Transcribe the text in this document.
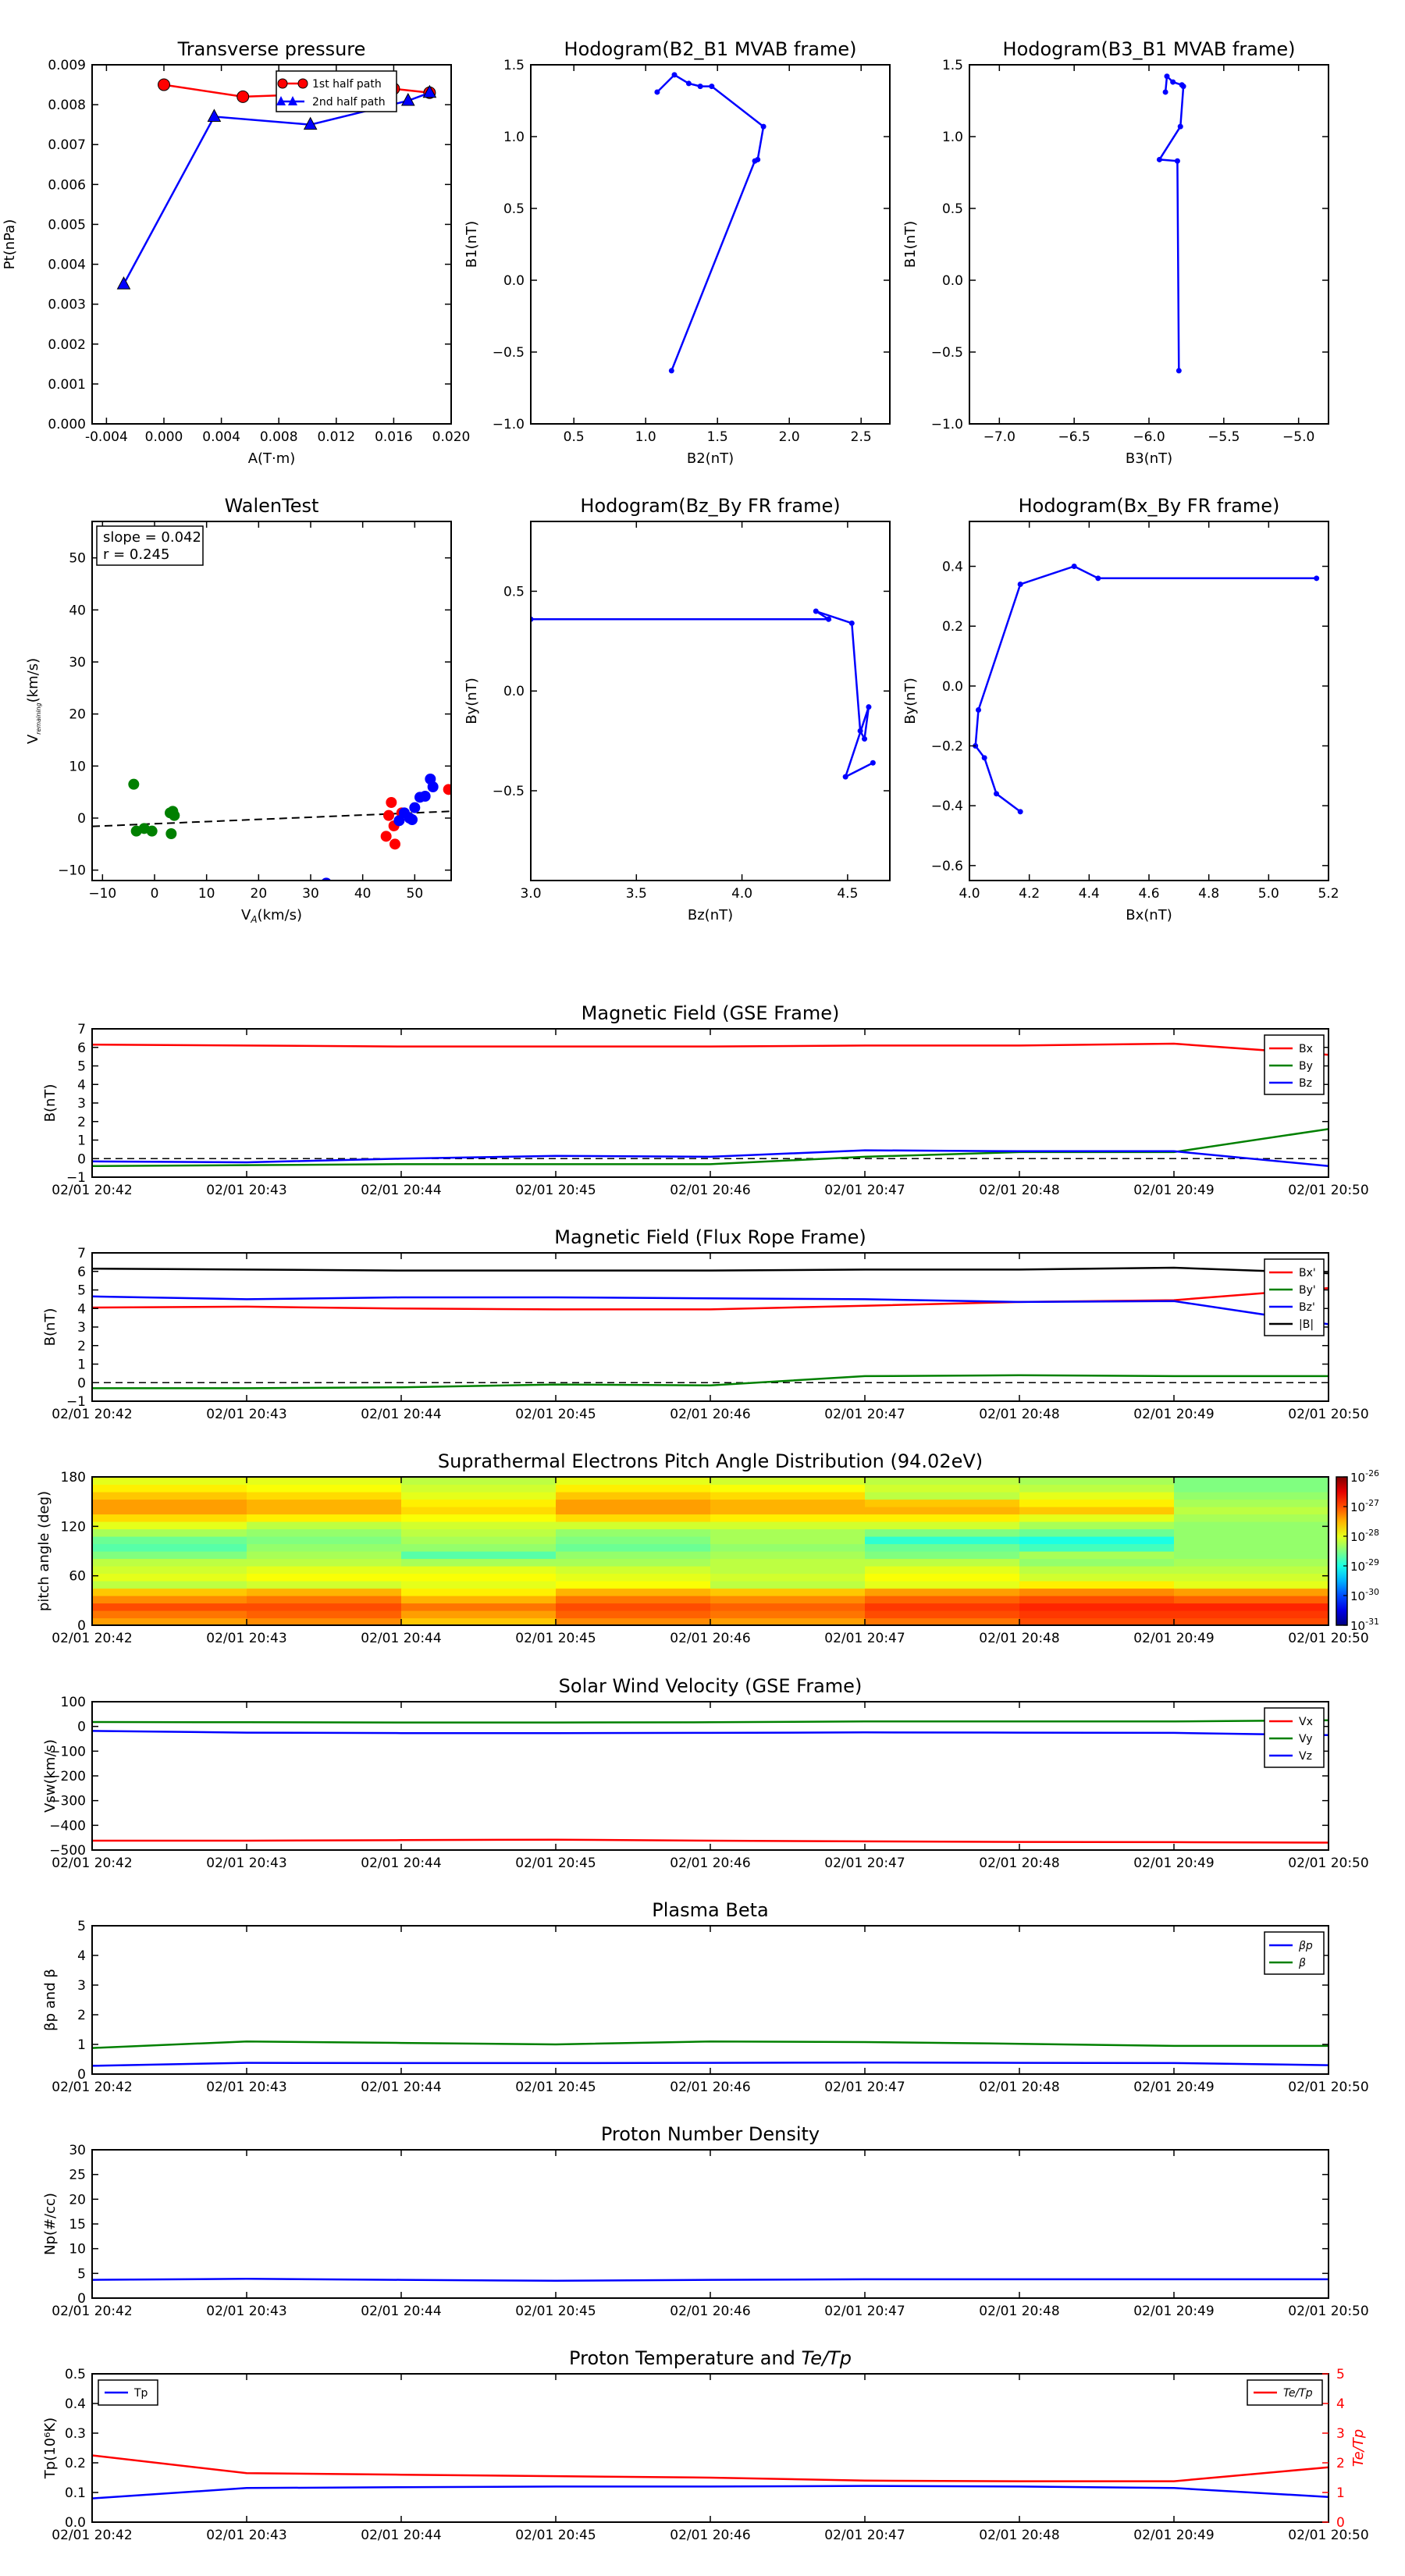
Transverse pressure
-0.004 0.000 0.004 0.008 0.012 0.016 0.020
0.000
0.001
0.002
0.003
0.004
0.005
0.006
0.007
0.008
0.009
A(T·m)
Pt(nPa)
1st half path
2nd half path
Hodogram(B2_B1 MVAB frame)
0.5	1.0	1.5	2.0	2.5
−1.0
−0.5
0.0
0.5
1.0
1.5
B2(nT)
B1(nT)
Hodogram(B3_B1 MVAB frame)
−7.0	−6.5	−6.0	−5.5	−5.0
−1.0
−0.5
0.0
0.5
1.0
1.5
B3(nT)
B1(nT)
WalenTest
−10	0	10	20	30	40	50
−10
0
10
20
30
40
50
$V_A(km/s)$
$V_{remaining}(km/s)$
slope = 0.042
r = 0.245
Hodogram(Bz_By FR frame)
3.0	3.5	4.0	4.5
−0.5
0.0
0.5
Bz(nT)
By(nT)
Hodogram(Bx_By FR frame)
4.0	4.2	4.4	4.6	4.8	5.0	5.2
−0.6
−0.4
−0.2
0.0
0.2
0.4
Bx(nT)
By(nT)
Magnetic Field (GSE Frame)
02/01 20:42	02/01 20:43	02/01 20:44	02/01 20:45	02/01 20:46	02/01 20:47	02/01 20:48	02/01 20:49	02/01 20:50
−1
0
1
2
3
4
5
6
7
B(nT)
Bx
By
Bz
Magnetic Field (Flux Rope Frame)
02/01 20:42	02/01 20:43	02/01 20:44	02/01 20:45	02/01 20:46	02/01 20:47	02/01 20:48	02/01 20:49	02/01 20:50
−1
0
1
2
3
4
5
6
7
B(nT)
Bx'
By'
Bz'
|B|
Solar Wind Velocity (GSE Frame)
02/01 20:42	02/01 20:43	02/01 20:44	02/01 20:45	02/01 20:46	02/01 20:47	02/01 20:48	02/01 20:49	02/01 20:50
−500
−400
−300
−200
−100
0
100
Vsw(km/s)
Vx
Vy
Vz
Plasma Beta
02/01 20:42	02/01 20:43	02/01 20:44	02/01 20:45	02/01 20:46	02/01 20:47	02/01 20:48	02/01 20:49	02/01 20:50
0
1
2
3
4
5
βp and β
βp
β
Proton Number Density
02/01 20:42	02/01 20:43	02/01 20:44	02/01 20:45	02/01 20:46	02/01 20:47	02/01 20:48	02/01 20:49	02/01 20:50
0
5
10
15
20
25
30
Np(#/cc)
Proton Temperature and Te/Tp
02/01 20:42	02/01 20:43	02/01 20:44	02/01 20:45	02/01 20:46	02/01 20:47	02/01 20:48	02/01 20:49	02/01 20:50
0.0
0.1
0.2
0.3
0.4
0.5
Tp(10⁶K)
0
1
2
3
4
5
Te/Tp
Tp	Te/Tp
Suprathermal Electrons Pitch Angle Distribution (94.02eV)
02/01 20:42	02/01 20:43	02/01 20:44	02/01 20:45	02/01 20:46	02/01 20:47	02/01 20:48	02/01 20:49	02/01 20:50
0
60
120
180
pitch angle (deg)
$10^{-26}$
$10^{-27}$
$10^{-28}$
$10^{-29}$
$10^{-30}$
$10^{-31}$
